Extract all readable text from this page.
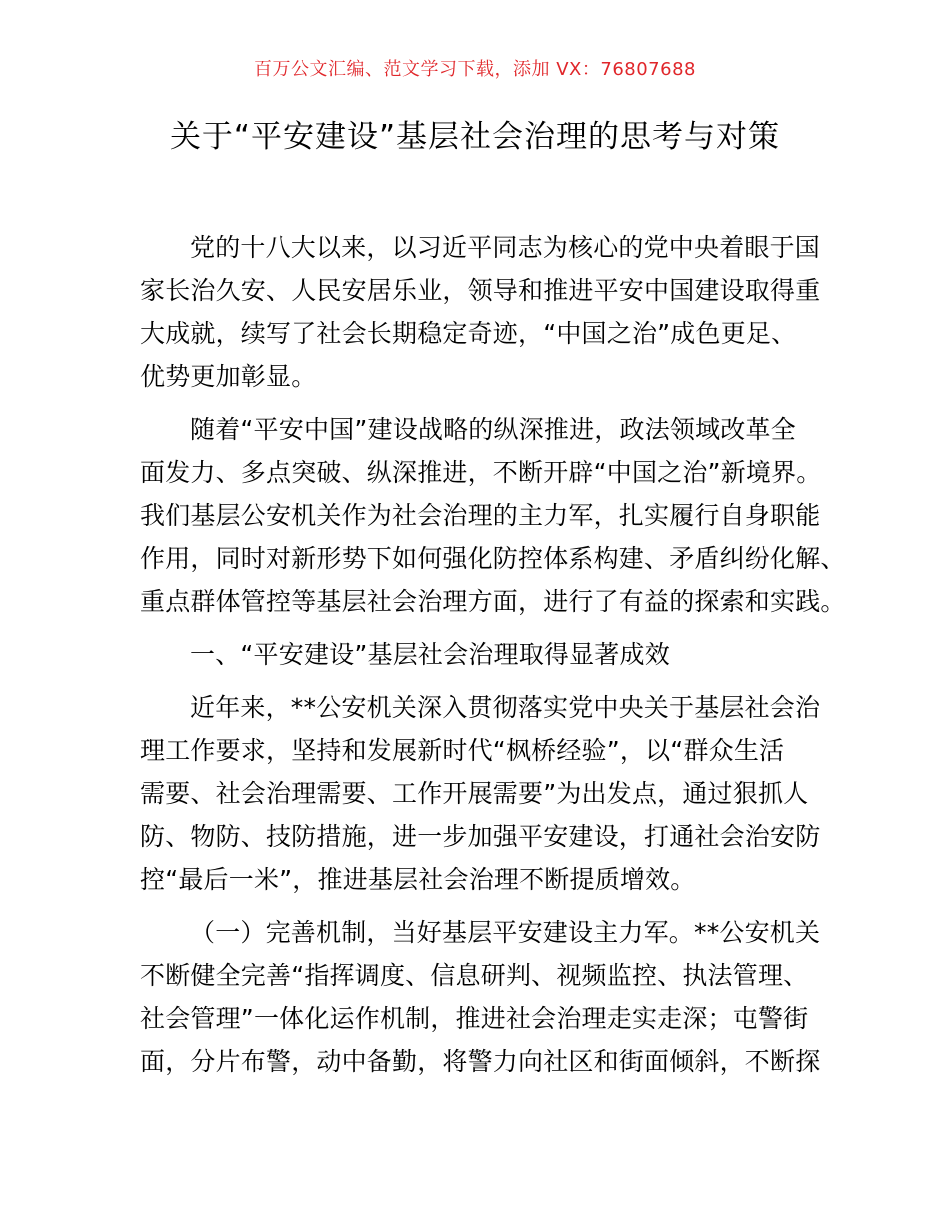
百万公文汇编、范文学习下载，添加 VX：76807688
关于“平安建设”基层社会治理的思考与对策

党的十八大以来，以习近平同志为核心的党中央着眼于国
家长治久安、人民安居乐业，领导和推进平安中国建设取得重
大成就，续写了社会长期稳定奇迹，“中国之治”成色更足、
优势更加彰显。

随着“平安中国”建设战略的纵深推进，政法领域改革全
面发力、多点突破、纵深推进，不断开辟“中国之治”新境界。
我们基层公安机关作为社会治理的主力军，扎实履行自身职能
作用，同时对新形势下如何强化防控体系构建、矛盾纠纷化解、
重点群体管控等基层社会治理方面，进行了有益的探索和实践。

一、“平安建设”基层社会治理取得显著成效

近年来，**公安机关深入贯彻落实党中央关于基层社会治
理工作要求，坚持和发展新时代“枫桥经验”，以“群众生活
需要、社会治理需要、工作开展需要”为出发点，通过狠抓人
防、物防、技防措施，进一步加强平安建设，打通社会治安防
控“最后一米”，推进基层社会治理不断提质增效。

（一）完善机制，当好基层平安建设主力军。**公安机关
不断健全完善“指挥调度、信息研判、视频监控、执法管理、
社会管理”一体化运作机制，推进社会治理走实走深；屯警街
面，分片布警，动中备勤，将警力向社区和街面倾斜，不断探
